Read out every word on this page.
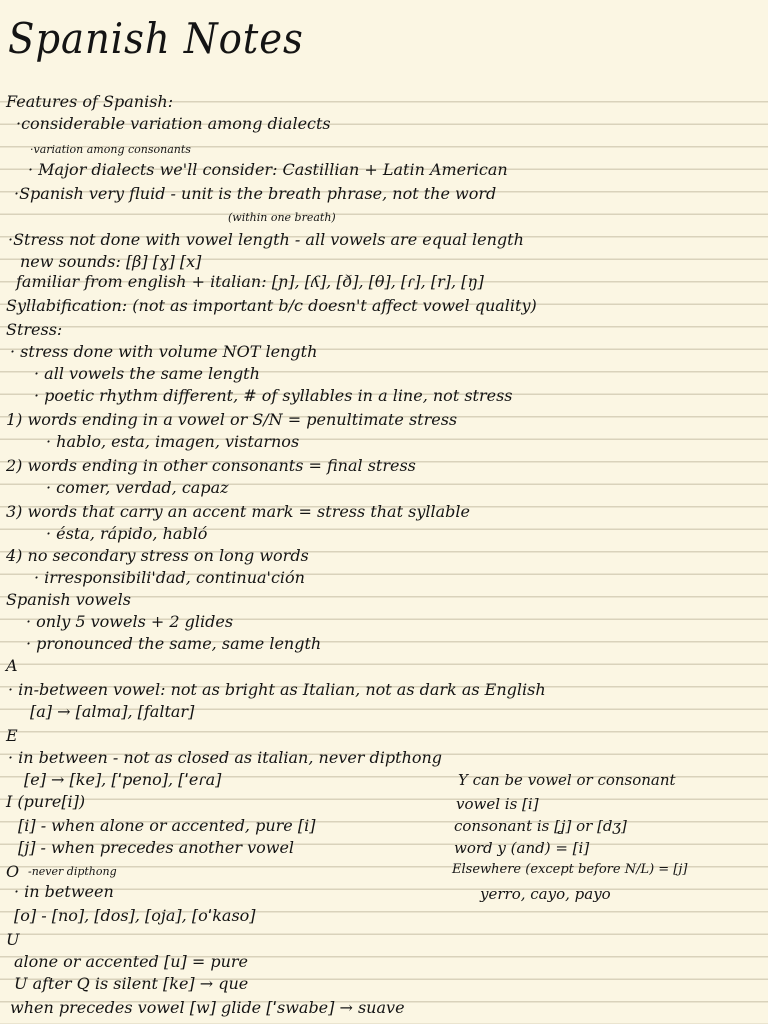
Spanish Notes
Features of Spanish:
·considerable variation among dialects
·variation among consonants
· Major dialects we'll consider: Castillian + Latin American
·Spanish very fluid - unit is the breath phrase, not the word
(within one breath)
·Stress not done with vowel length - all vowels are equal length
new sounds: [β] [ɣ] [x]
familiar from english + italian: [ɲ], [ʎ], [ð], [θ], [ɾ], [r], [ŋ]
Syllabification: (not as important b/c doesn't affect vowel quality)
Stress:
· stress done with volume NOT length
· all vowels the same length
· poetic rhythm different, # of syllables in a line, not stress
1) words ending in a vowel or S/N = penultimate stress
· hablo, esta, imagen, vistarnos
2) words ending in other consonants = final stress
· comer, verdad, capaz
3) words that carry an accent mark = stress that syllable
· ésta, rápido, habló
4) no secondary stress on long words
· irresponsibili'dad, continua'ción
Spanish vowels
· only 5 vowels + 2 glides
· pronounced the same, same length
A
· in-between vowel: not as bright as Italian, not as dark as English
[a] → [alma], [faltar]
E
· in between - not as closed as italian, never dipthong
[e] → [ke], [ˈpeno], [ˈeɾa]
I (pure[i])
[i] - when alone or accented, pure [i]
[j] - when precedes another vowel
O -never dipthong
· in between
[o] - [no], [dos], [oja], [oˈkaso]
U
alone or accented [u] = pure
U after Q is silent [ke] → que
when precedes vowel [w] glide [ˈswabe] → suave
Y can be vowel or consonant
vowel is [i]
consonant is [ʝ] or [dʒ]
word y (and) = [i]
Elsewhere (except before N/L) = [j]
yerro, cayo, payo
